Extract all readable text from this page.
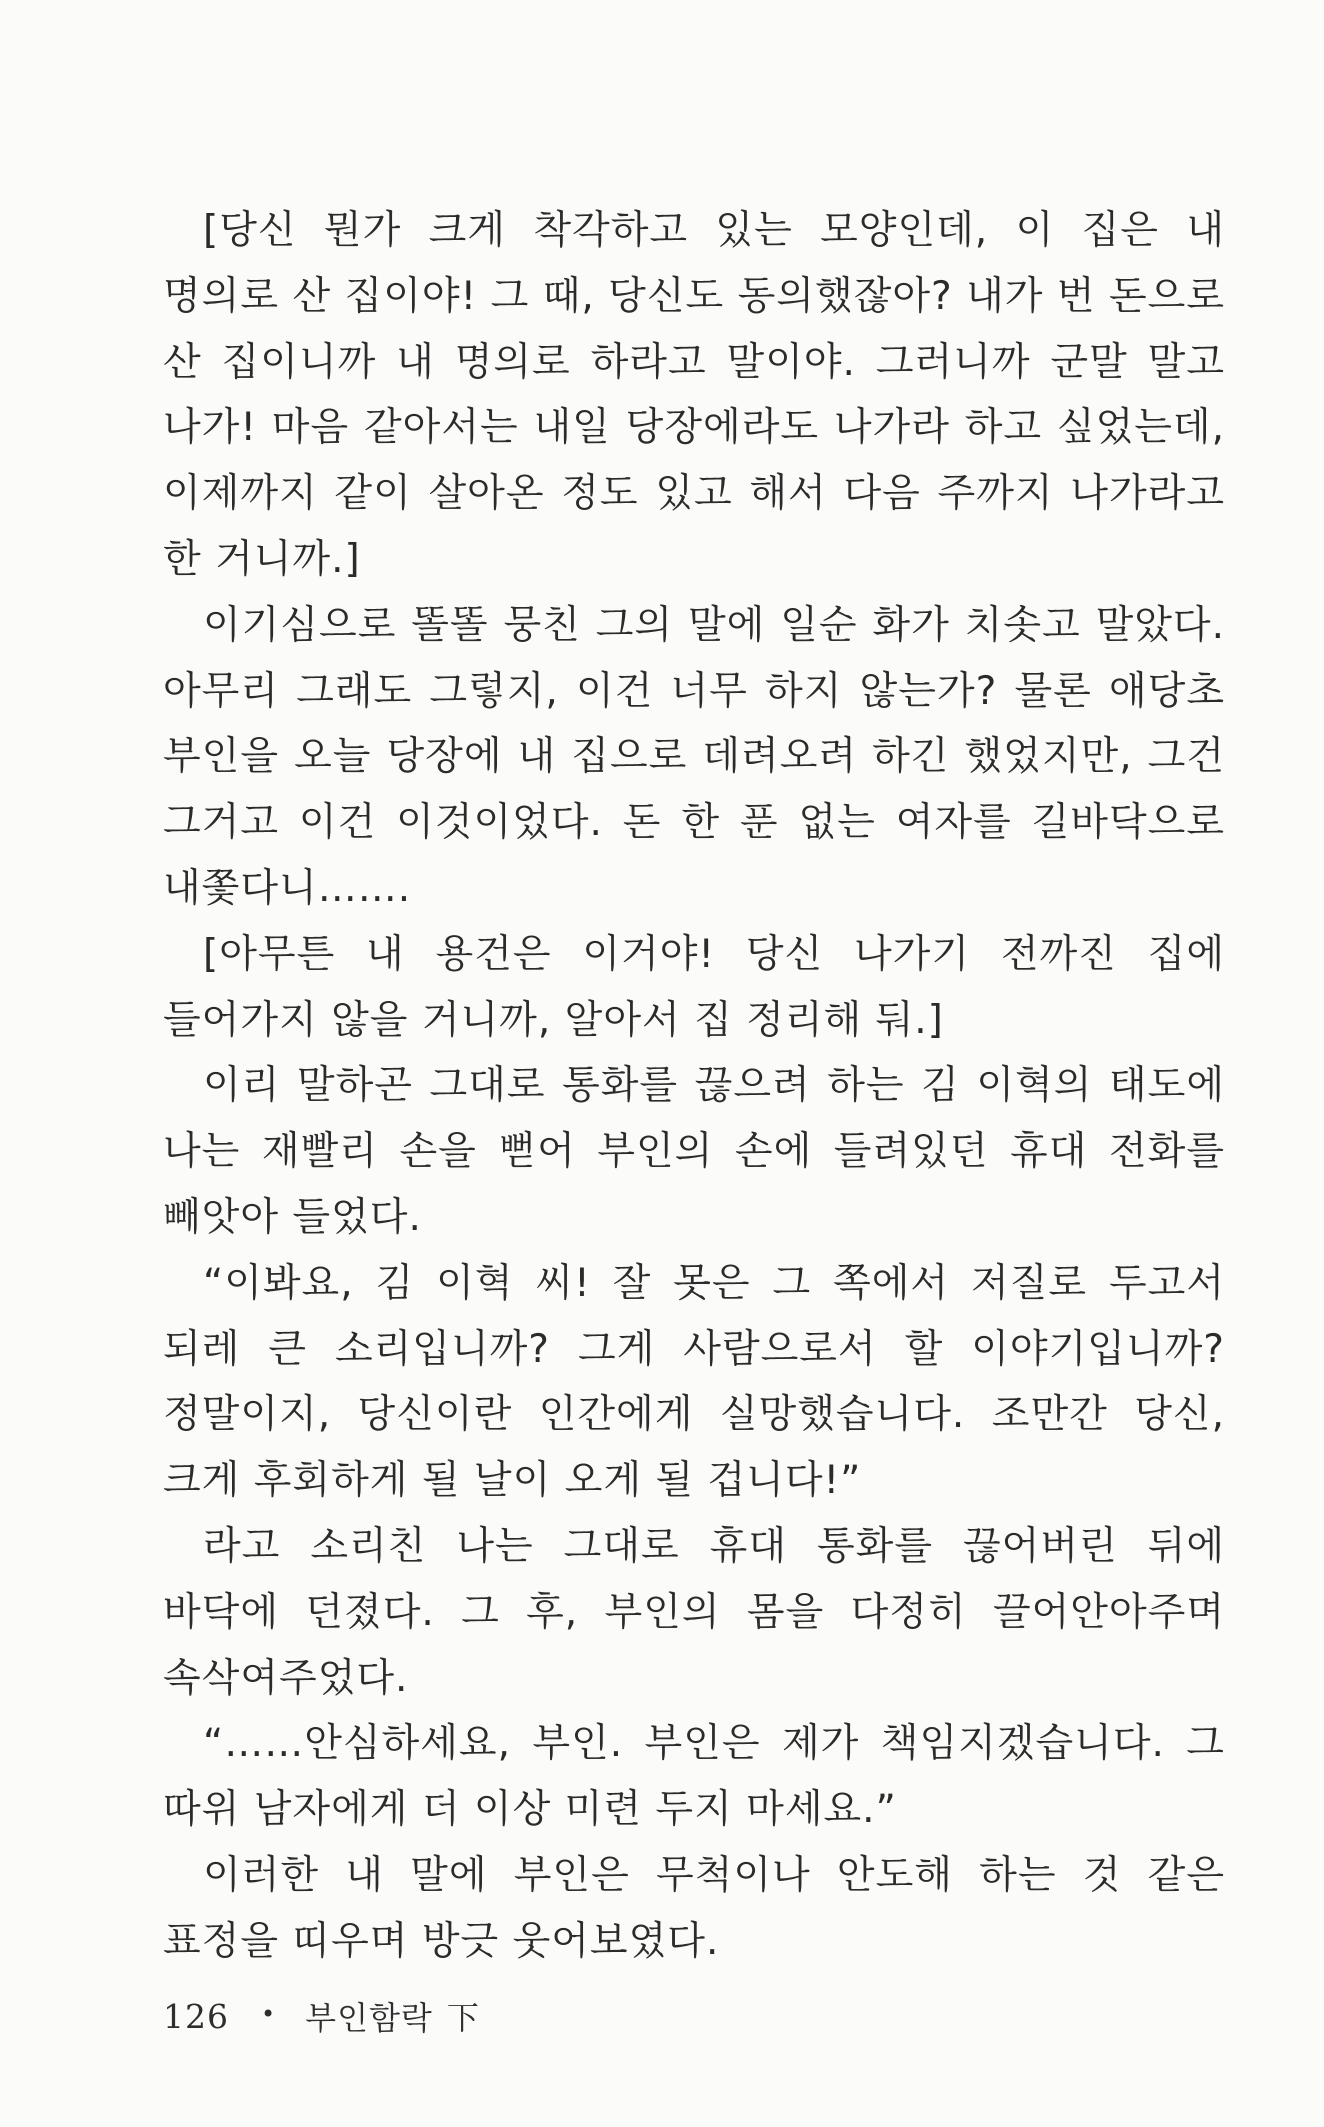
[당신 뭔가 크게 착각하고 있는 모양인데, 이 집은 내 명의로 산 집이야! 그 때, 당신도 동의했잖아? 내가 번 돈으로 산 집이니까 내 명의로 하라고 말이야. 그러니까 군말 말고 나가! 마음 같아서는 내일 당장에라도 나가라 하고 싶었는데, 이제까지 같이 살아온 정도 있고 해서 다음 주까지 나가라고 한 거니까.]

이기심으로 똘똘 뭉친 그의 말에 일순 화가 치솟고 말았다. 아무리 그래도 그렇지, 이건 너무 하지 않는가? 물론 애당초 부인을 오늘 당장에 내 집으로 데려오려 하긴 했었지만, 그건 그거고 이건 이것이었다. 돈 한 푼 없는 여자를 길바닥으로 내쫓다니…….

[아무튼 내 용건은 이거야! 당신 나가기 전까진 집에 들어가지 않을 거니까, 알아서 집 정리해 둬.]

이리 말하곤 그대로 통화를 끊으려 하는 김 이혁의 태도에 나는 재빨리 손을 뻗어 부인의 손에 들려있던 휴대 전화를 빼앗아 들었다.

“이봐요, 김 이혁 씨! 잘 못은 그 쪽에서 저질로 두고서 되레 큰 소리입니까? 그게 사람으로서 할 이야기입니까? 정말이지, 당신이란 인간에게 실망했습니다. 조만간 당신, 크게 후회하게 될 날이 오게 될 겁니다!”

라고 소리친 나는 그대로 휴대 통화를 끊어버린 뒤에 바닥에 던졌다. 그 후, 부인의 몸을 다정히 끌어안아주며 속삭여주었다.

“……안심하세요, 부인. 부인은 제가 책임지겠습니다. 그 따위 남자에게 더 이상 미련 두지 마세요.”

이러한 내 말에 부인은 무척이나 안도해 하는 것 같은 표정을 띠우며 방긋 웃어보였다.

126 • 부인함락 下
